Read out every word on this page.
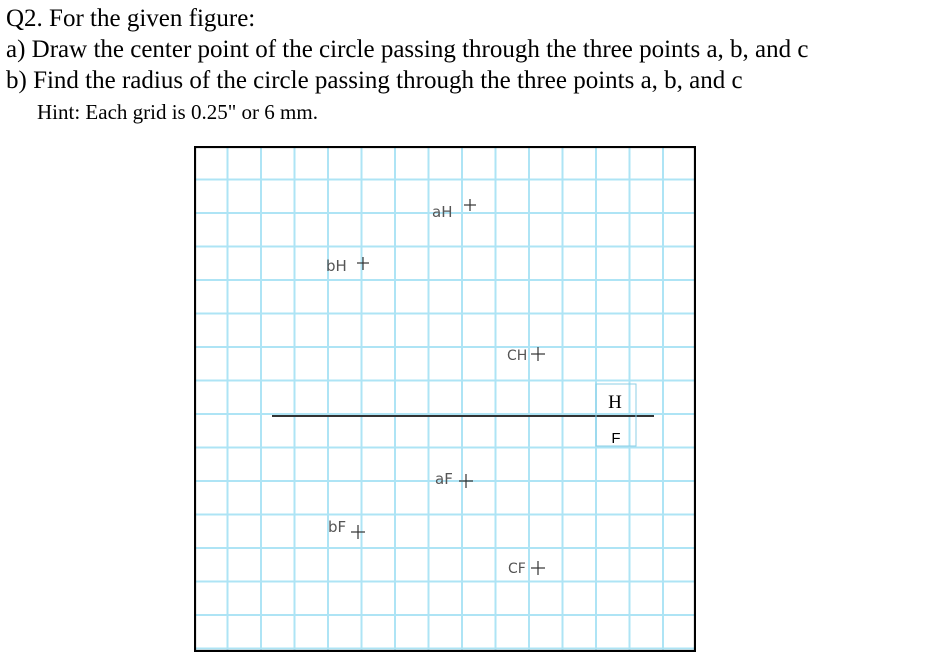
Q2. For the given figure:
a) Draw the center point of the circle passing through the three points a, b, and c
b) Find the radius of the circle passing through the three points a, b, and c
Hint: Each grid is 0.25" or 6 mm.
H
F
aH
bH
CH
aF
bF
CF
